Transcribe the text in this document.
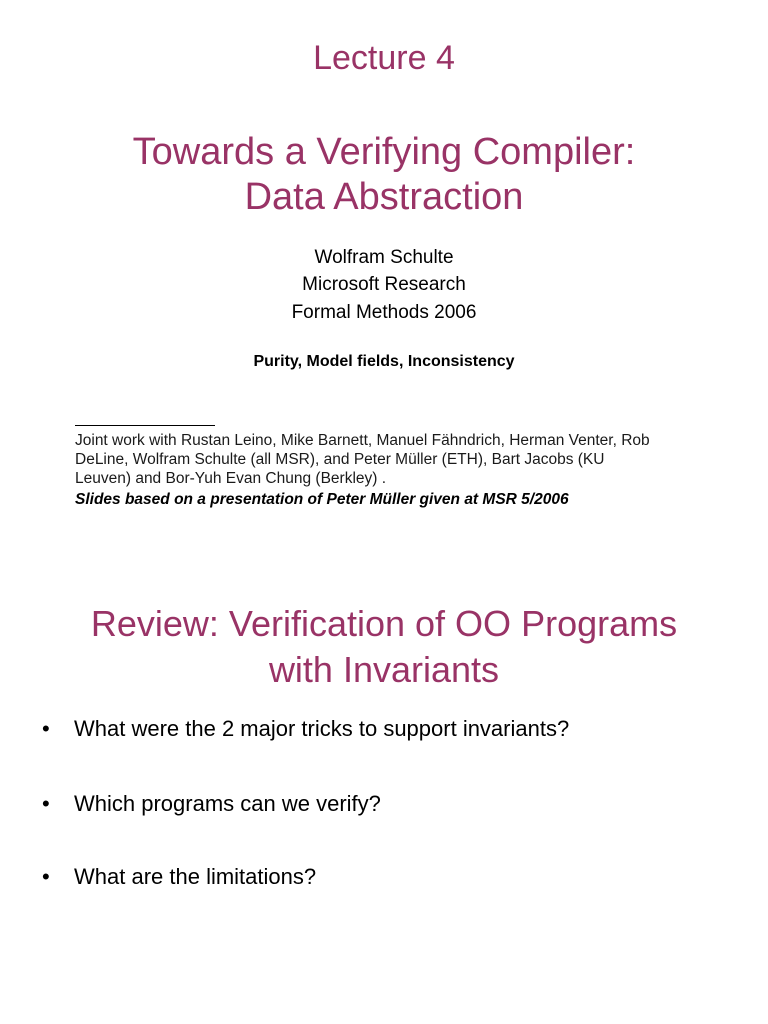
Lecture 4
Towards a Verifying Compiler:
Data Abstraction
Wolfram Schulte
Microsoft Research
Formal Methods 2006
Purity, Model fields, Inconsistency
Joint work with Rustan Leino, Mike Barnett, Manuel Fähndrich, Herman Venter, Rob
DeLine, Wolfram Schulte (all MSR), and Peter Müller (ETH), Bart Jacobs (KU
Leuven) and Bor-Yuh Evan Chung (Berkley) .
Slides based on a presentation of Peter Müller given at MSR 5/2006
Review: Verification of OO Programs
with Invariants
• What were the 2 major tricks to support invariants?
• Which programs can we verify?
• What are the limitations?
